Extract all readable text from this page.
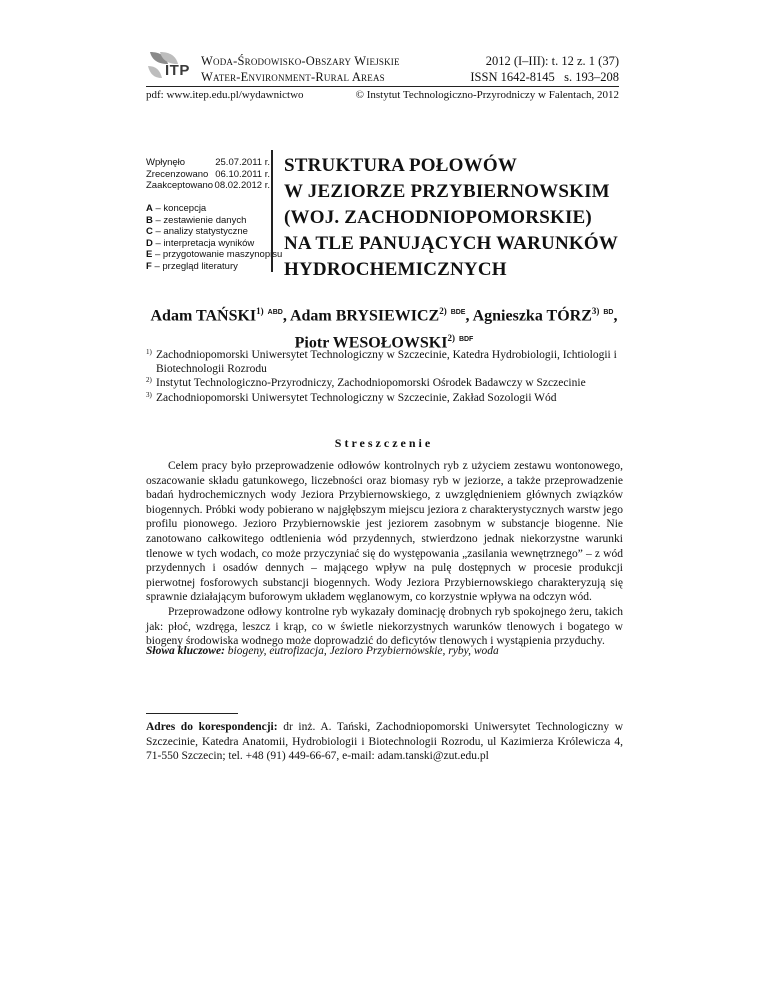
ITP
Woda-Środowisko-Obszary Wiejskie
Water-Environment-Rural Areas
2012 (I–III): t. 12 z. 1 (37)
ISSN 1642-8145   s. 193–208
pdf: www.itep.edu.pl/wydawnictwo	© Instytut Technologiczno-Przyrodniczy w Falentach, 2012
Wpłynęło	25.07.2011 r.
Zrecenzowano 06.10.2011 r.
Zaakceptowano 08.02.2012 r.
A – koncepcja
B – zestawienie danych
C – analizy statystyczne
D – interpretacja wyników
E – przygotowanie maszynopisu
F – przegląd literatury
STRUKTURA POŁOWÓW
W JEZIORZE PRZYBIERNOWSKIM
(WOJ. ZACHODNIOPOMORSKIE)
NA TLE PANUJĄCYCH WARUNKÓW
HYDROCHEMICZNYCH
Adam TAŃSKI$^{1)}$ $^{ABD}$, Adam BRYSIEWICZ$^{2)}$ $^{BDE}$, Agnieszka TÓRZ$^{3)}$ $^{BD}$,
Piotr WESOŁOWSKI$^{2)}$ $^{BDF}$
1) Zachodniopomorski Uniwersytet Technologiczny w Szczecinie, Katedra Hydrobiologii, Ichtiologii i Biotechnologii Rozrodu
2) Instytut Technologiczno-Przyrodniczy, Zachodniopomorski Ośrodek Badawczy w Szczecinie
3) Zachodniopomorski Uniwersytet Technologiczny w Szczecinie, Zakład Sozologii Wód
Streszczenie

Celem pracy było przeprowadzenie odłowów kontrolnych ryb z użyciem zestawu wontonowego, oszacowanie składu gatunkowego, liczebności oraz biomasy ryb w jeziorze, a także przeprowadzenie badań hydrochemicznych wody Jeziora Przybiernowskiego, z uwzględnieniem głównych związków biogennych. Próbki wody pobierano w najgłębszym miejscu jeziora z charakterystycznych warstw jego profilu pionowego. Jezioro Przybiernowskie jest jeziorem zasobnym w substancje biogenne. Nie zanotowano całkowitego odtlenienia wód przydennych, stwierdzono jednak niekorzystne warunki tlenowe w tych wodach, co może przyczyniać się do występowania „zasilania wewnętrznego” – z wód przydennych i osadów dennych – mającego wpływ na pulę dostępnych w procesie produkcji pierwotnej fosforowych substancji biogennych. Wody Jeziora Przybiernowskiego charakteryzują się sprawnie działającym buforowym układem węglanowym, co korzystnie wpływa na odczyn wód.

Przeprowadzone odłowy kontrolne ryb wykazały dominację drobnych ryb spokojnego żeru, takich jak: płoć, wzdręga, leszcz i krąp, co w świetle niekorzystnych warunków tlenowych i bogatego w biogeny środowiska wodnego może doprowadzić do deficytów tlenowych i wystąpienia przyduchy.

Słowa kluczowe: biogeny, eutrofizacja, Jezioro Przybiernowskie, ryby, woda
Adres do korespondencji: dr inż. A. Tański, Zachodniopomorski Uniwersytet Technologiczny w Szczecinie, Katedra Anatomii, Hydrobiologii i Biotechnologii Rozrodu, ul Kazimierza Królewicza 4, 71-550 Szczecin; tel. +48 (91) 449-66-67, e-mail: adam.tanski@zut.edu.pl
